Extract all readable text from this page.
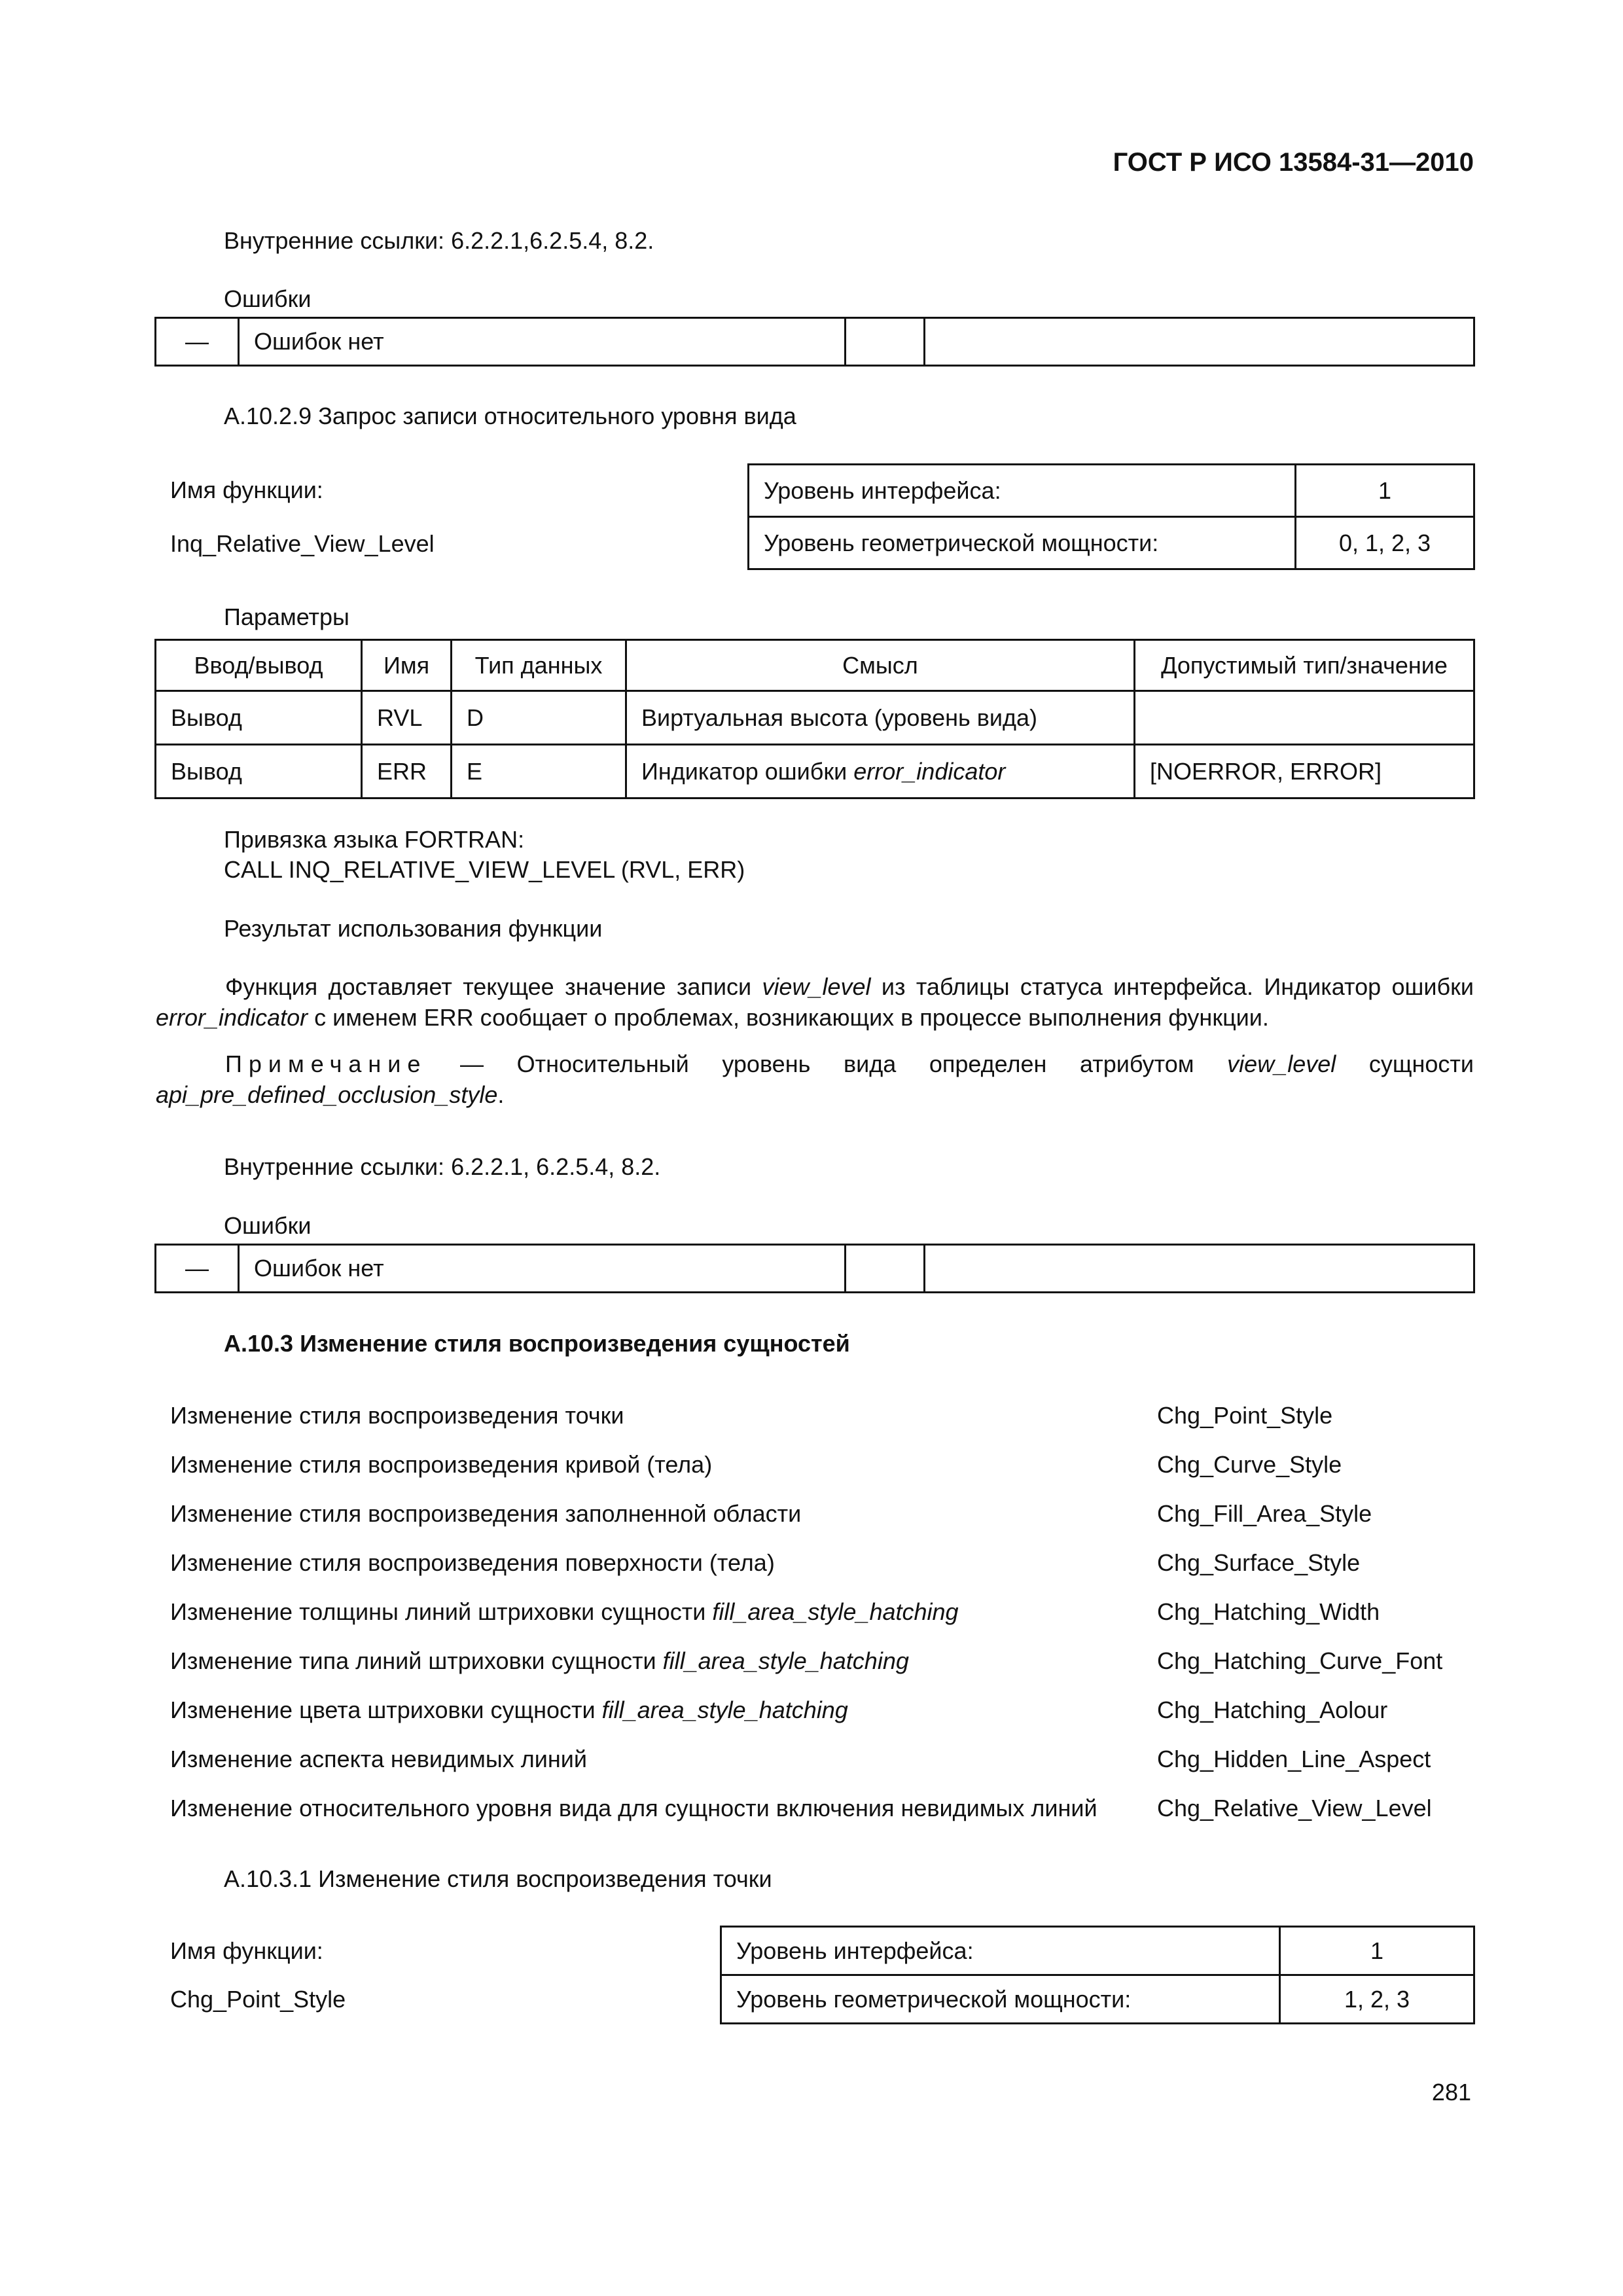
ГОСТ Р ИСО 13584-31—2010
Внутренние ссылки: 6.2.2.1,6.2.5.4, 8.2.
Ошибки
—	Ошибок нет		
А.10.2.9 Запрос записи относительного уровня вида
Имя функции:
Inq_Relative_View_Level
Уровень интерфейса:	1
Уровень геометрической мощности:	0, 1, 2, 3
Параметры
Ввод/вывод	Имя	Тип данных	Смысл	Допустимый тип/значение
Вывод	RVL	D	Виртуальная высота (уровень вида)	
Вывод	ERR	E	Индикатор ошибки error_indicator	[NOERROR, ERROR]
Привязка языка FORTRAN:
CALL INQ_RELATIVE_VIEW_LEVEL (RVL, ERR)
Результат использования функции

Функция доставляет текущее значение записи view_level из таблицы статуса интерфейса. Индикатор ошибки error_indicator с именем ERR сообщает о проблемах, возникающих в процессе выполнения функции.

Примечание — Относительный уровень вида определен атрибутом view_level сущности api_pre_defined_occlusion_style.

Внутренние ссылки: 6.2.2.1, 6.2.5.4, 8.2.
Ошибки
—	Ошибок нет		
А.10.3 Изменение стиля воспроизведения сущностей
Изменение стиля воспроизведения точки	Chg_Point_Style
Изменение стиля воспроизведения кривой (тела)	Chg_Curve_Style
Изменение стиля воспроизведения заполненной области	Chg_Fill_Area_Style
Изменение стиля воспроизведения поверхности (тела)	Chg_Surface_Style
Изменение толщины линий штриховки сущности fill_area_style_hatching	Chg_Hatching_Width
Изменение типа линий штриховки сущности fill_area_style_hatching	Chg_Hatching_Curve_Font
Изменение цвета штриховки сущности fill_area_style_hatching	Chg_Hatching_Aolour
Изменение аспекта невидимых линий	Chg_Hidden_Line_Aspect
Изменение относительного уровня вида для сущности включения невидимых линий	Chg_Relative_View_Level
А.10.3.1 Изменение стиля воспроизведения точки
Имя функции:
Chg_Point_Style
Уровень интерфейса:	1
Уровень геометрической мощности:	1, 2, 3
281
